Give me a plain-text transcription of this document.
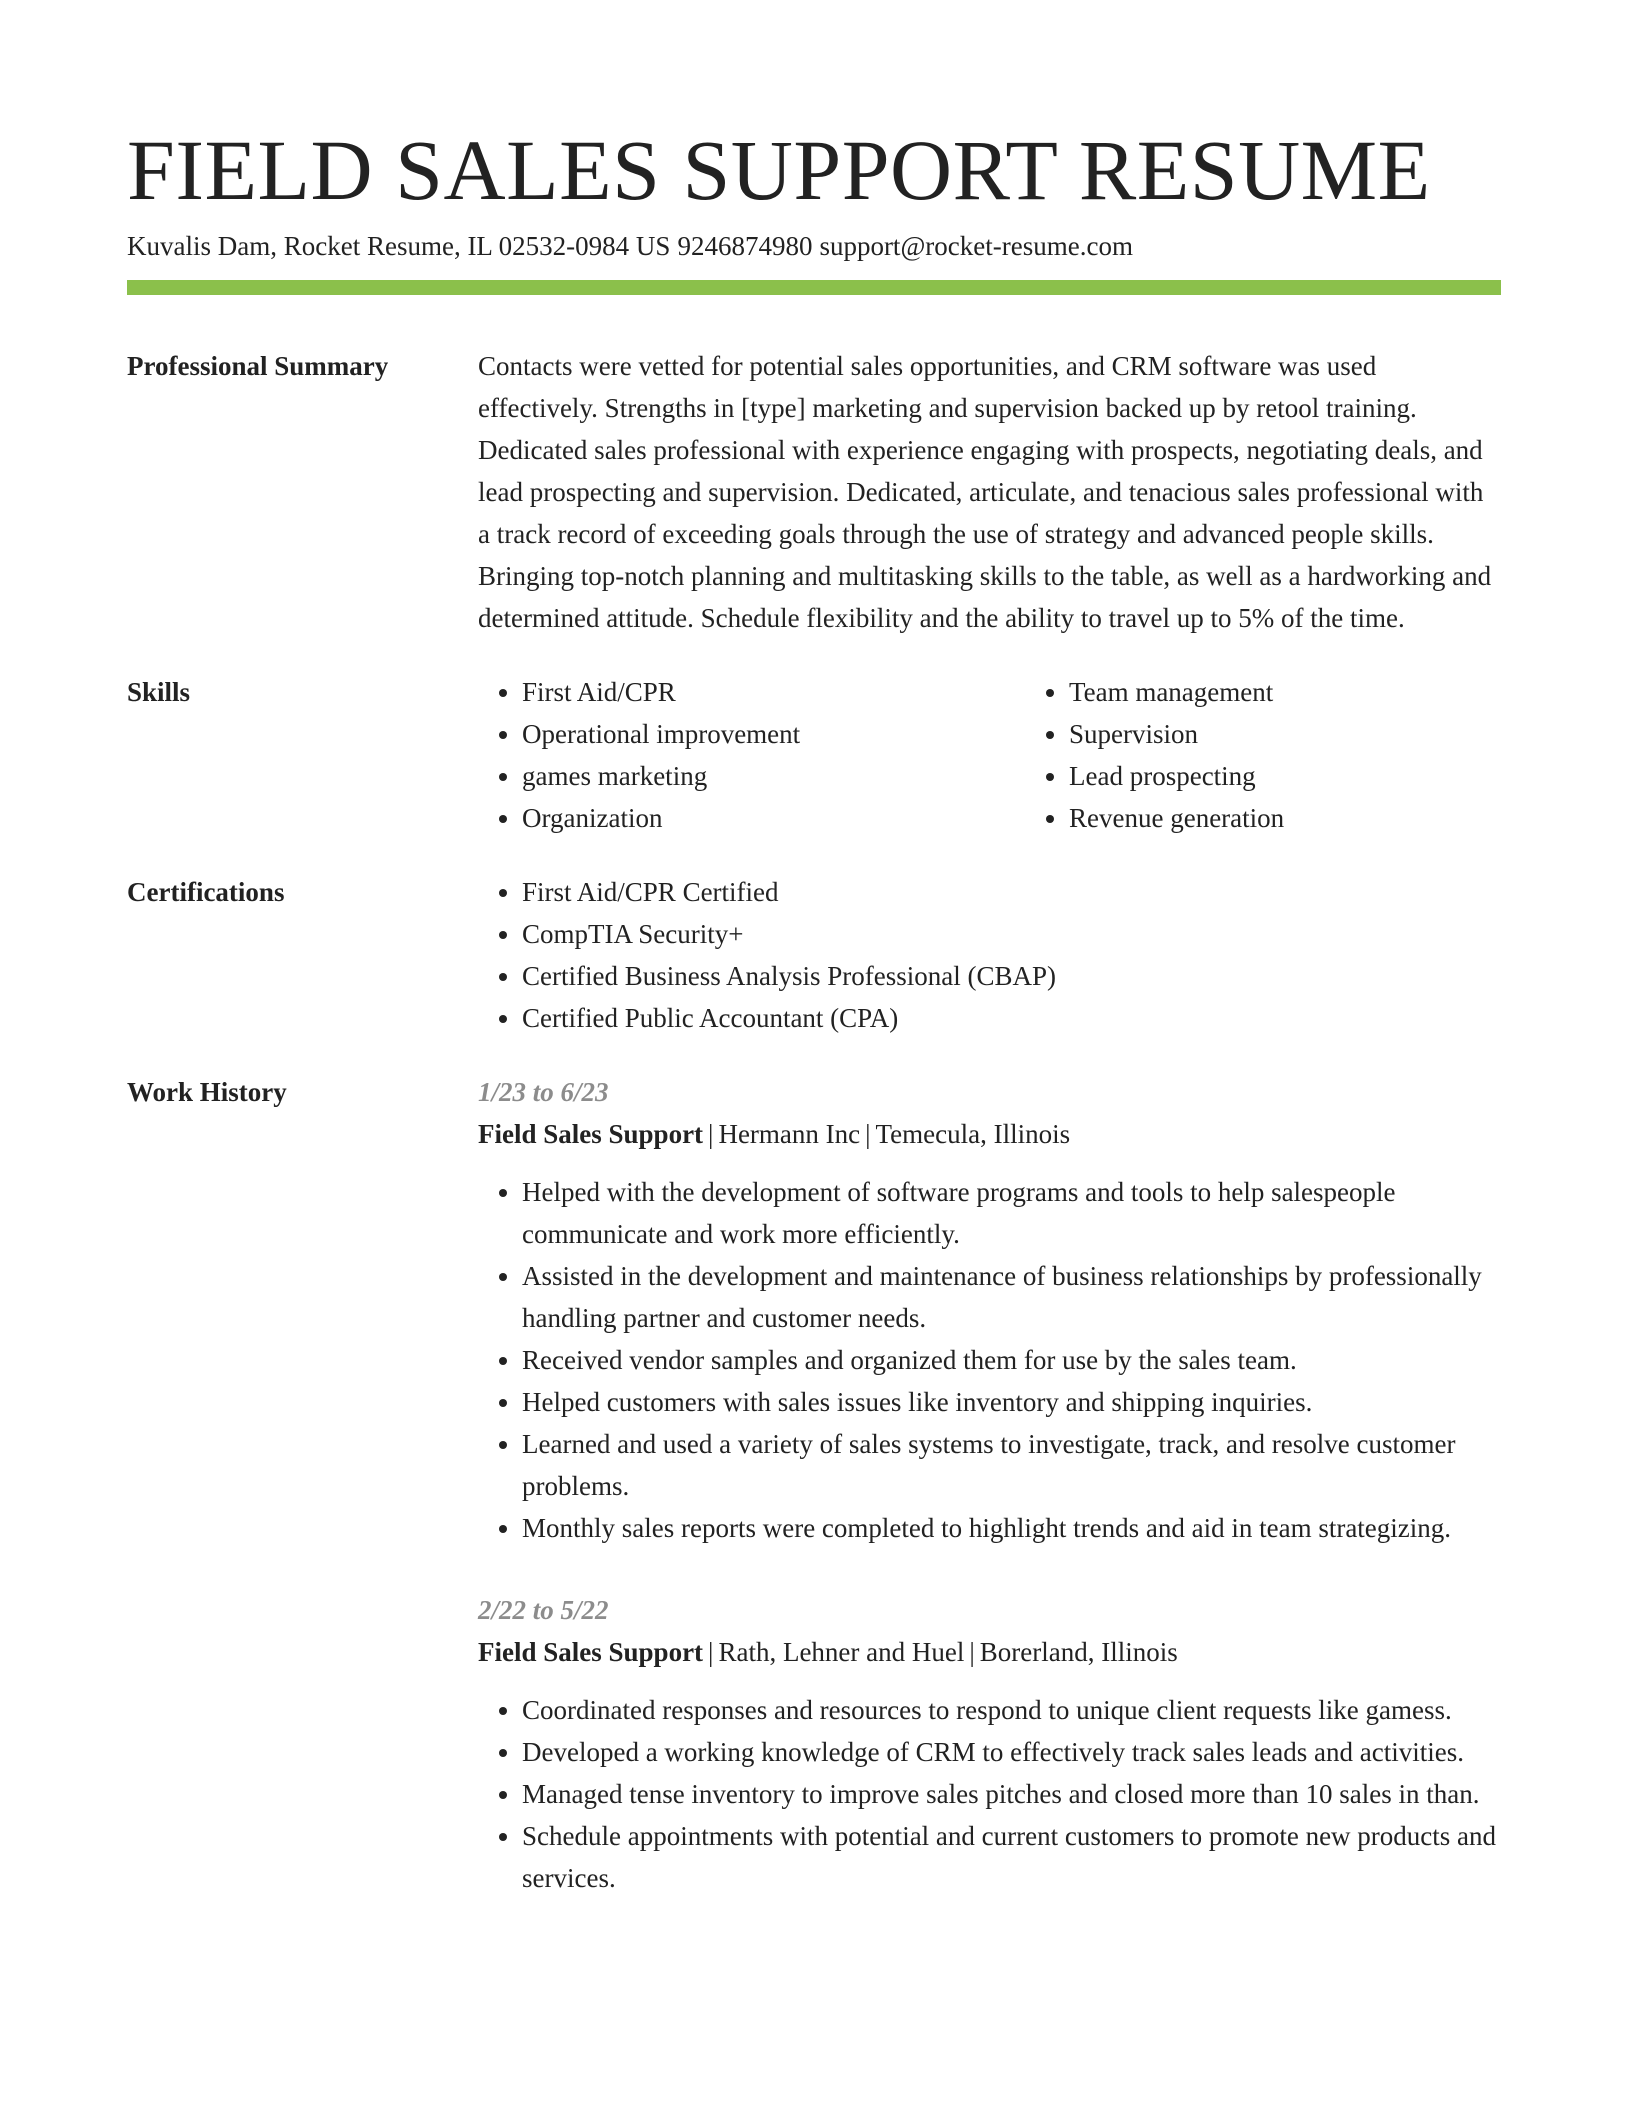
FIELD SALES SUPPORT RESUME
Kuvalis Dam, Rocket Resume, IL 02532-0984 US 9246874980 support@rocket-resume.com
Professional Summary	Contacts were vetted for potential sales opportunities, and CRM software was used effectively. Strengths in [type] marketing and supervision backed up by retool training. Dedicated sales professional with experience engaging with prospects, negotiating deals, and lead prospecting and supervision. Dedicated, articulate, and tenacious sales professional with a track record of exceeding goals through the use of strategy and advanced people skills. Bringing top-notch planning and multitasking skills to the table, as well as a hardworking and determined attitude. Schedule flexibility and the ability to travel up to 5% of the time.
Skills	• First Aid/CPR
• Operational improvement
• games marketing
• Organization
• Team management
• Supervision
• Lead prospecting
• Revenue generation
Certifications	• First Aid/CPR Certified
• CompTIA Security+
• Certified Business Analysis Professional (CBAP)
• Certified Public Accountant (CPA)
Work History	1/23 to 6/23
Field Sales Support | Hermann Inc | Temecula, Illinois
• Helped with the development of software programs and tools to help salespeople communicate and work more efficiently.
• Assisted in the development and maintenance of business relationships by professionally handling partner and customer needs.
• Received vendor samples and organized them for use by the sales team.
• Helped customers with sales issues like inventory and shipping inquiries.
• Learned and used a variety of sales systems to investigate, track, and resolve customer problems.
• Monthly sales reports were completed to highlight trends and aid in team strategizing.
2/22 to 5/22
Field Sales Support | Rath, Lehner and Huel | Borerland, Illinois
• Coordinated responses and resources to respond to unique client requests like gamess.
• Developed a working knowledge of CRM to effectively track sales leads and activities.
• Managed tense inventory to improve sales pitches and closed more than 10 sales in than.
• Schedule appointments with potential and current customers to promote new products and services.
